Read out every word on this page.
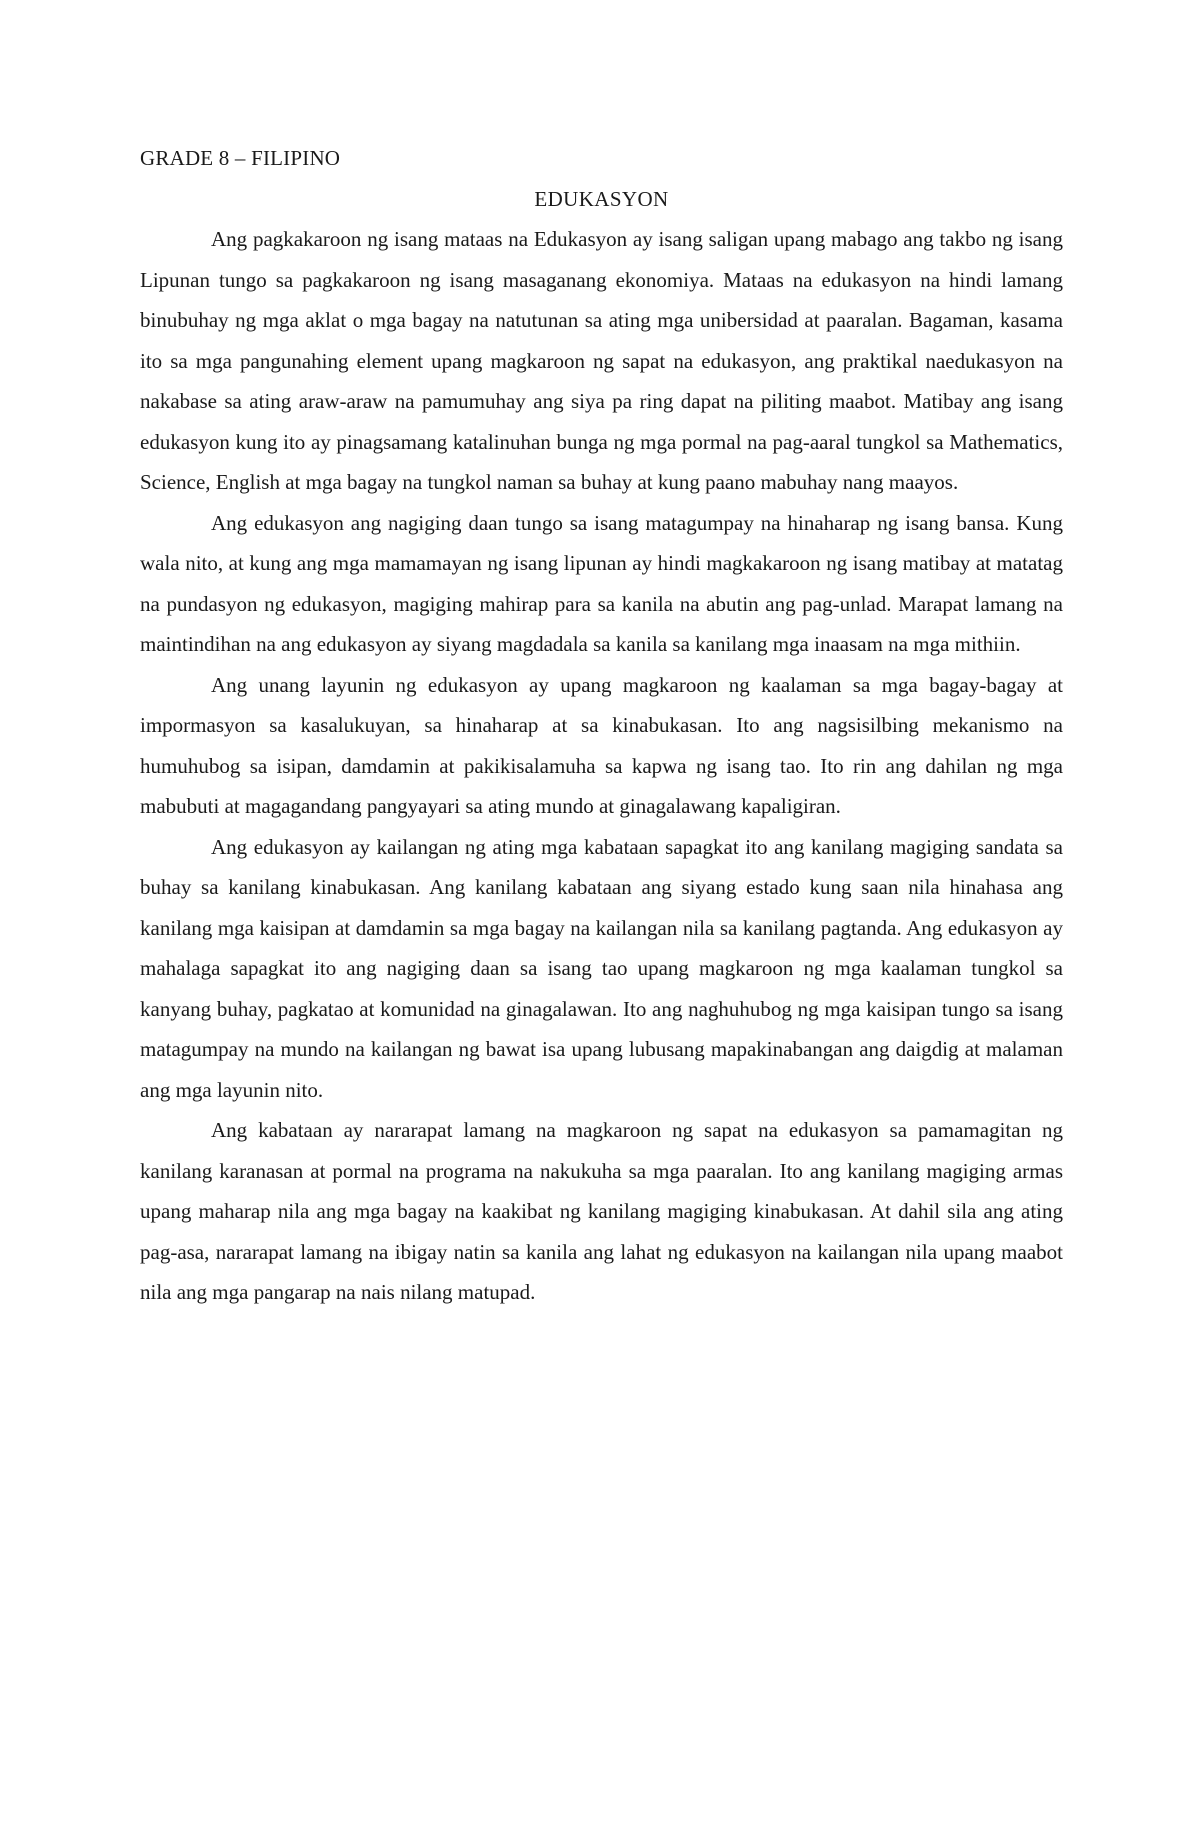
GRADE 8 – FILIPINO

EDUKASYON

Ang pagkakaroon ng isang mataas na Edukasyon ay isang saligan upang mabago ang takbo ng isang Lipunan tungo sa pagkakaroon ng isang masaganang ekonomiya. Mataas na edukasyon na hindi lamang binubuhay ng mga aklat o mga bagay na natutunan sa ating mga unibersidad at paaralan. Bagaman, kasama ito sa mga pangunahing element upang magkaroon ng sapat na edukasyon, ang praktikal naedukasyon na nakabase sa ating araw-araw na pamumuhay ang siya pa ring dapat na piliting maabot. Matibay ang isang edukasyon kung ito ay pinagsamang katalinuhan bunga ng mga pormal na pag-aaral tungkol sa Mathematics, Science, English at mga bagay na tungkol naman sa buhay at kung paano mabuhay nang maayos.

Ang edukasyon ang nagiging daan tungo sa isang matagumpay na hinaharap ng isang bansa. Kung wala nito, at kung ang mga mamamayan ng isang lipunan ay hindi magkakaroon ng isang matibay at matatag na pundasyon ng edukasyon, magiging mahirap para sa kanila na abutin ang pag-unlad. Marapat lamang na maintindihan na ang edukasyon ay siyang magdadala sa kanila sa kanilang mga inaasam na mga mithiin.

Ang unang layunin ng edukasyon ay upang magkaroon ng kaalaman sa mga bagay-bagay at impormasyon sa kasalukuyan, sa hinaharap at sa kinabukasan. Ito ang nagsisilbing mekanismo na humuhubog sa isipan, damdamin at pakikisalamuha sa kapwa ng isang tao. Ito rin ang dahilan ng mga mabubuti at magagandang pangyayari sa ating mundo at ginagalawang kapaligiran.

Ang edukasyon ay kailangan ng ating mga kabataan sapagkat ito ang kanilang magiging sandata sa buhay sa kanilang kinabukasan. Ang kanilang kabataan ang siyang estado kung saan nila hinahasa ang kanilang mga kaisipan at damdamin sa mga bagay na kailangan nila sa kanilang pagtanda. Ang edukasyon ay mahalaga sapagkat ito ang nagiging daan sa isang tao upang magkaroon ng mga kaalaman tungkol sa kanyang buhay, pagkatao at komunidad na ginagalawan. Ito ang naghuhubog ng mga kaisipan tungo sa isang matagumpay na mundo na kailangan ng bawat isa upang lubusang mapakinabangan ang daigdig at malaman ang mga layunin nito.

Ang kabataan ay nararapat lamang na magkaroon ng sapat na edukasyon sa pamamagitan ng kanilang karanasan at pormal na programa na nakukuha sa mga paaralan. Ito ang kanilang magiging armas upang maharap nila ang mga bagay na kaakibat ng kanilang magiging kinabukasan. At dahil sila ang ating pag-asa, nararapat lamang na ibigay natin sa kanila ang lahat ng edukasyon na kailangan nila upang maabot nila ang mga pangarap na nais nilang matupad.
